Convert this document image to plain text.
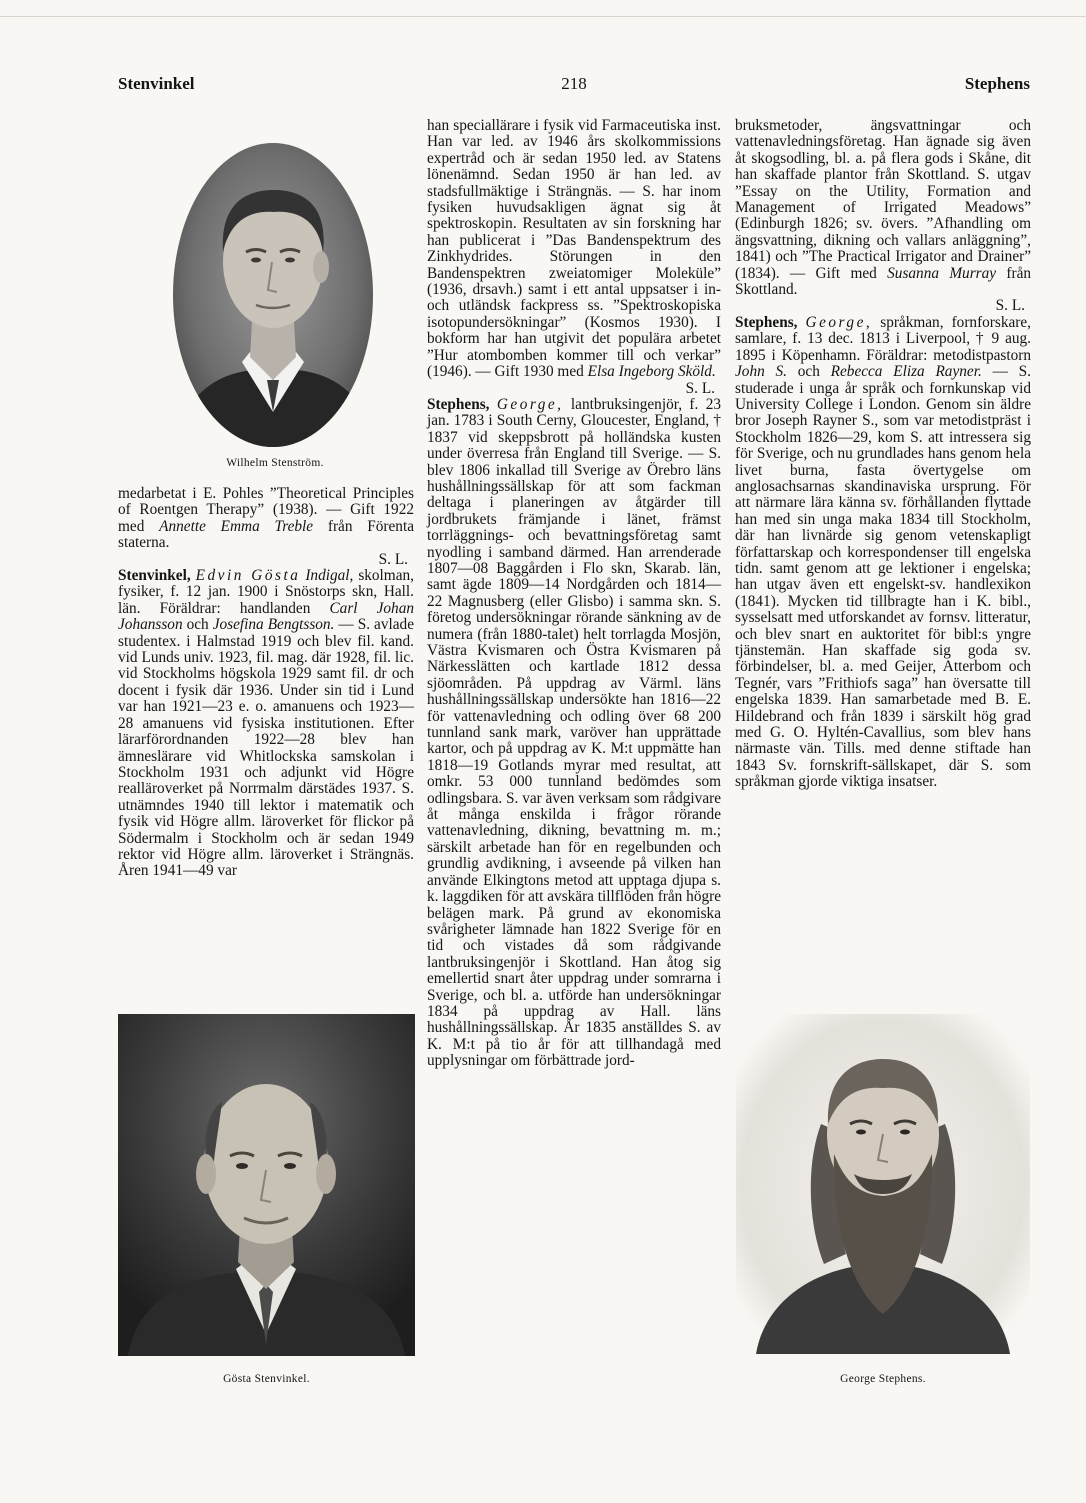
Stenvinkel	218	Stephens
Wilhelm Stenström.

medarbetat i E. Pohles ”Theoretical Principles of Roentgen Therapy” (1938). — Gift 1922 med Annette Emma Treble från Förenta staterna.

S. L.

Stenvinkel, Edvin Gösta Indigal, skolman, fysiker, f. 12 jan. 1900 i Snöstorps skn, Hall. län. Föräldrar: handlanden Carl Johan Johansson och Josefina Bengtsson. — S. avlade studentex. i Halmstad 1919 och blev fil. kand. vid Lunds univ. 1923, fil. mag. där 1928, fil. lic. vid Stockholms högskola 1929 samt fil. dr och docent i fysik där 1936. Under sin tid i Lund var han 1921—23 e. o. amanuens och 1923—28 amanuens vid fysiska institutionen. Efter lärarförordnanden 1922—28 blev han ämneslärare vid Whitlockska samskolan i Stockholm 1931 och adjunkt vid Högre realläroverket på Norrmalm därstädes 1937. S. utnämndes 1940 till lektor i matematik och fysik vid Högre allm. läroverket för flickor på Södermalm i Stockholm och är sedan 1949 rektor vid Högre allm. läroverket i Strängnäs. Åren 1941—49 var

Gösta Stenvinkel.

han speciallärare i fysik vid Farmaceutiska inst. Han var led. av 1946 års skolkommissions expertråd och är sedan 1950 led. av Statens lönenämnd. Sedan 1950 är han led. av stadsfullmäktige i Strängnäs. — S. har inom fysiken huvudsakligen ägnat sig åt spektroskopin. Resultaten av sin forskning har han publicerat i ”Das Bandenspektrum des Zinkhydrides. Störungen in den Bandenspektren zweiatomiger Moleküle” (1936, drsavh.) samt i ett antal uppsatser i in- och utländsk fackpress ss. ”Spektroskopiska isotopundersökningar” (Kosmos 1930). I bokform har han utgivit det populära arbetet ”Hur atombomben kommer till och verkar” (1946). — Gift 1930 med Elsa Ingeborg Sköld.

S. L.

Stephens, George, lantbruksingenjör, f. 23 jan. 1783 i South Cerny, Gloucester, England, † 1837 vid skeppsbrott på holländska kusten under överresa från England till Sverige. — S. blev 1806 inkallad till Sverige av Örebro läns hushållningssällskap för att som fackman deltaga i planeringen av åtgärder till jordbrukets främjande i länet, främst torrläggnings- och bevattningsföretag samt nyodling i samband därmed. Han arrenderade 1807—08 Baggården i Flo skn, Skarab. län, samt ägde 1809—14 Nordgården och 1814—22 Magnusberg (eller Glisbo) i samma skn. S. företog undersökningar rörande sänkning av de numera (från 1880-talet) helt torrlagda Mosjön, Västra Kvismaren och Östra Kvismaren på Närkesslätten och kartlade 1812 dessa sjöområden. På uppdrag av Värml. läns hushållningssällskap undersökte han 1816—22 för vattenavledning och odling över 68 200 tunnland sank mark, varöver han upprättade kartor, och på uppdrag av K. M:t uppmätte han 1818—19 Gotlands myrar med resultat, att omkr. 53 000 tunnland bedömdes som odlingsbara. S. var även verksam som rådgivare åt många enskilda i frågor rörande vattenavledning, dikning, bevattning m. m.; särskilt arbetade han för en regelbunden och grundlig avdikning, i avseende på vilken han använde Elkingtons metod att upptaga djupa s. k. laggdiken för att avskära tillflöden från högre belägen mark. På grund av ekonomiska svårigheter lämnade han 1822 Sverige för en tid och vistades då som rådgivande lantbruksingenjör i Skottland. Han åtog sig emellertid snart åter uppdrag under somrarna i Sverige, och bl. a. utförde han undersökningar 1834 på uppdrag av Hall. läns hushållningssällskap. År 1835 anställdes S. av K. M:t på tio år för att tillhandagå med upplysningar om förbättrade jord-

bruksmetoder, ängsvattningar och vattenavledningsföretag. Han ägnade sig även åt skogsodling, bl. a. på flera gods i Skåne, dit han skaffade plantor från Skottland. S. utgav ”Essay on the Utility, Formation and Management of Irrigated Meadows” (Edinburgh 1826; sv. övers. ”Afhandling om ängsvattning, dikning och vallars anläggning”, 1841) och ”The Practical Irrigator and Drainer” (1834). — Gift med Susanna Murray från Skottland.

S. L.

Stephens, George, språkman, fornforskare, samlare, f. 13 dec. 1813 i Liverpool, † 9 aug. 1895 i Köpenhamn. Föräldrar: metodistpastorn John S. och Rebecca Eliza Rayner. — S. studerade i unga år språk och fornkunskap vid University College i London. Genom sin äldre bror Joseph Rayner S., som var metodistpräst i Stockholm 1826—29, kom S. att intressera sig för Sverige, och nu grundlades hans genom hela livet burna, fasta övertygelse om anglosachsarnas skandinaviska ursprung. För att närmare lära känna sv. förhållanden flyttade han med sin unga maka 1834 till Stockholm, där han livnärde sig genom vetenskapligt författarskap och korrespondenser till engelska tidn. samt genom att ge lektioner i engelska; han utgav även ett engelskt-sv. handlexikon (1841). Mycken tid tillbragte han i K. bibl., sysselsatt med utforskandet av fornsv. litteratur, och blev snart en auktoritet för bibl:s yngre tjänstemän. Han skaffade sig goda sv. förbindelser, bl. a. med Geijer, Atterbom och Tegnér, vars ”Frithiofs saga” han översatte till engelska 1839. Han samarbetade med B. E. Hildebrand och från 1839 i särskilt hög grad med G. O. Hyltén-Cavallius, som blev hans närmaste vän. Tills. med denne stiftade han 1843 Sv. fornskrift-sällskapet, där S. som språkman gjorde viktiga insatser.

George Stephens.
